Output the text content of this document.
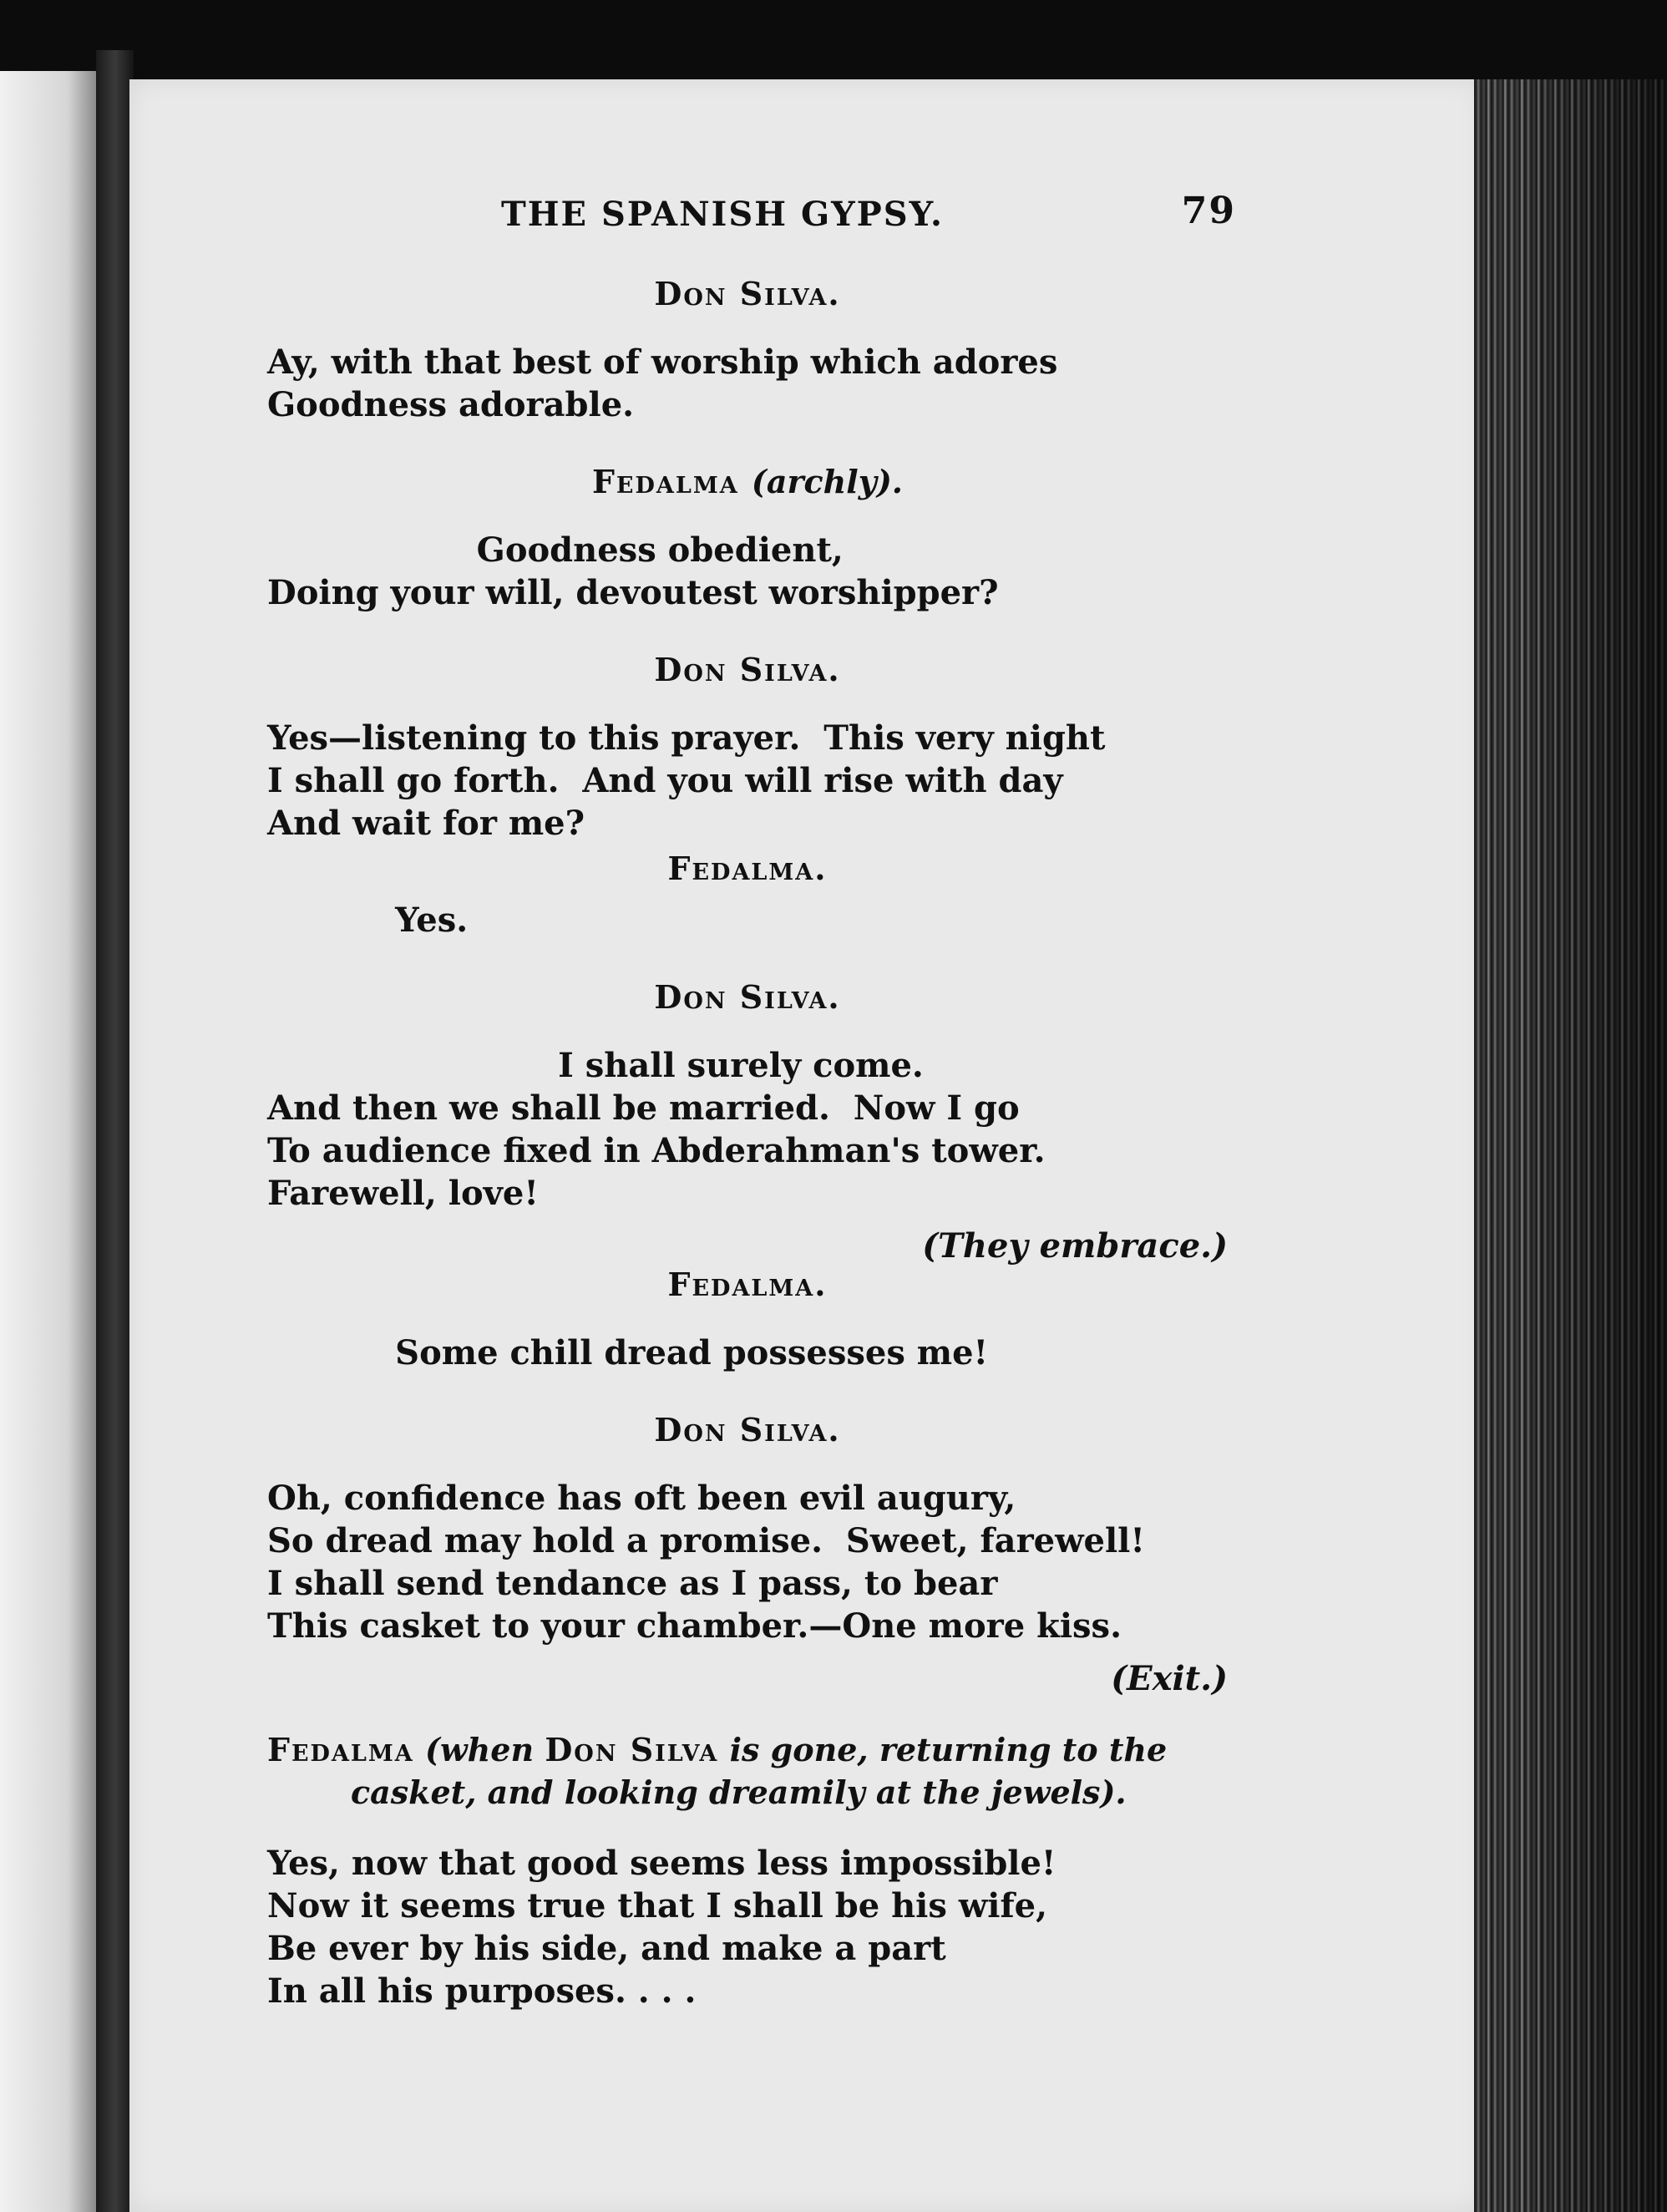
THE SPANISH GYPSY.	79
Don Silva.
Ay, with that best of worship which adores
Goodness adorable.
Fedalma (archly).
Goodness obedient,
Doing your will, devoutest worshipper?
Don Silva.
Yes—listening to this prayer.  This very night
I shall go forth.  And you will rise with day
And wait for me?
Fedalma.
Yes.
Don Silva.
I shall surely come.
And then we shall be married.  Now I go
To audience fixed in Abderahman's tower.
Farewell, love!
(They embrace.)
Fedalma.
Some chill dread possesses me!
Don Silva.
Oh, confidence has oft been evil augury,
So dread may hold a promise.  Sweet, farewell!
I shall send tendance as I pass, to bear
This casket to your chamber.—One more kiss.
(Exit.)
Fedalma (when Don Silva is gone, returning to the casket, and looking dreamily at the jewels).
Yes, now that good seems less impossible!
Now it seems true that I shall be his wife,
Be ever by his side, and make a part
In all his purposes. . . .
